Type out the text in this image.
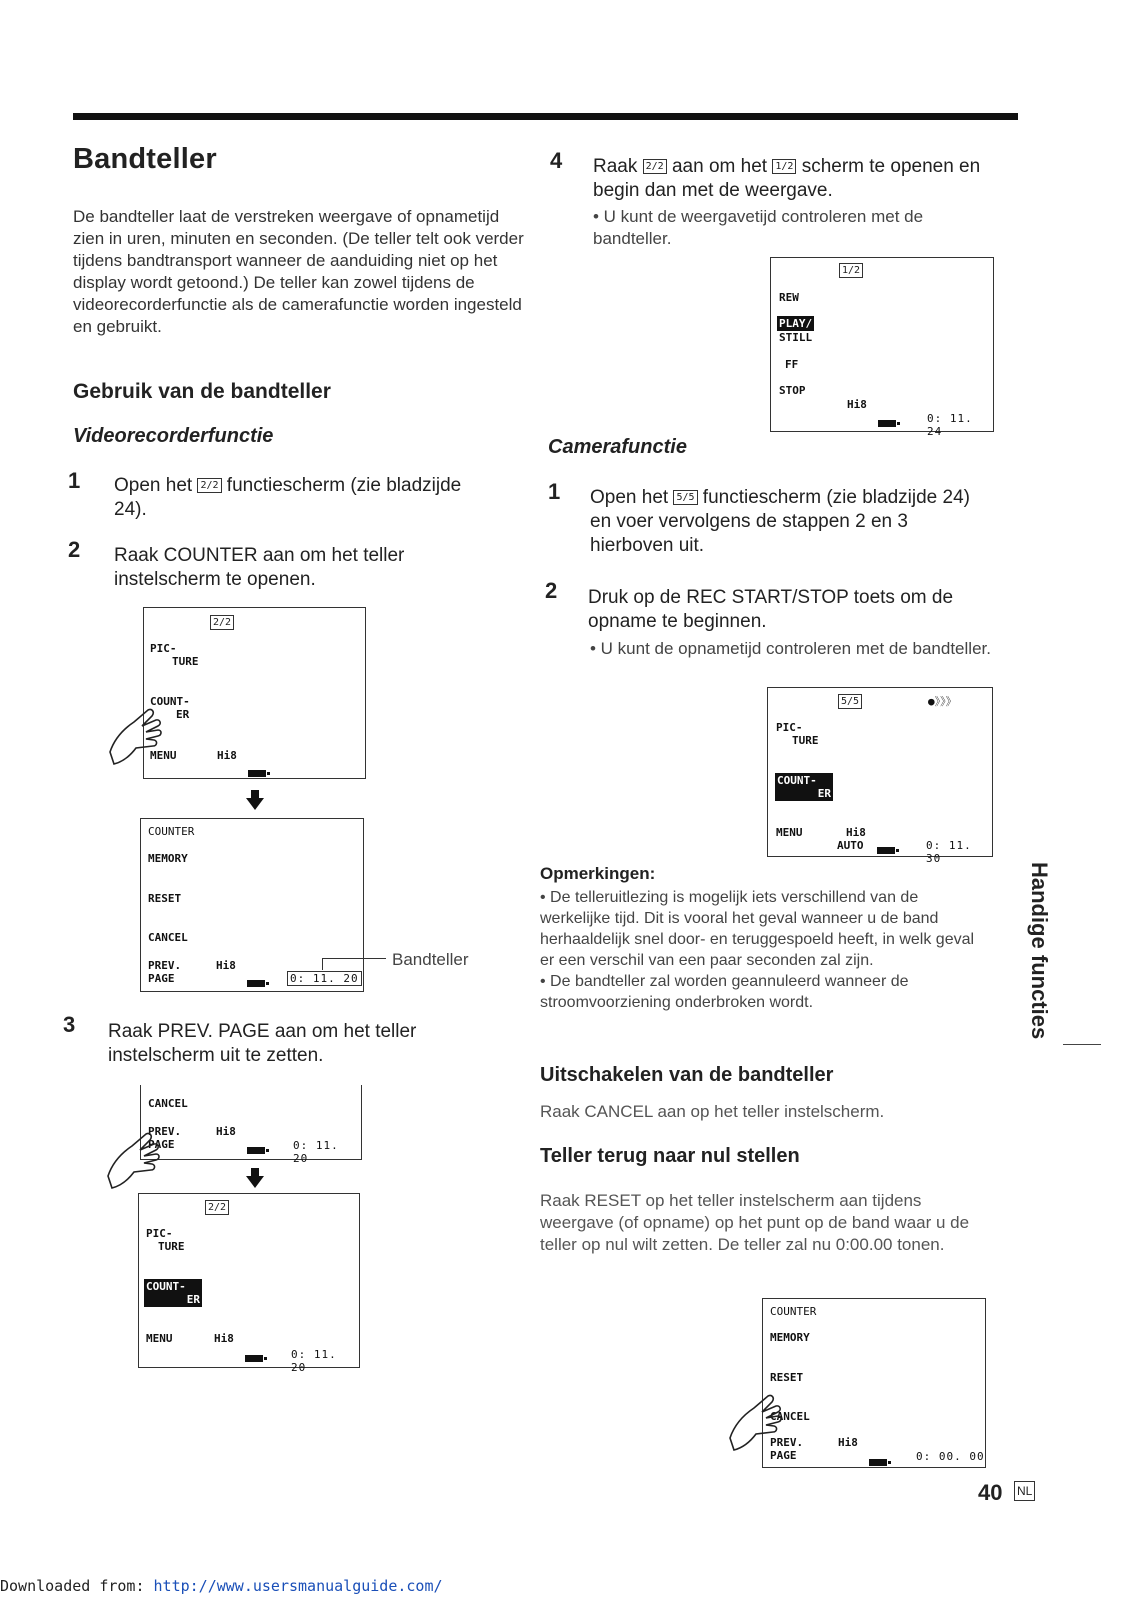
Bandteller
De bandteller laat de verstreken weergave of opnametijd zien in uren, minuten en seconden. (De teller telt ook verder tijdens bandtransport wanneer de aanduiding niet op het display wordt getoond.) De teller kan zowel tijdens de videorecorderfunctie als de camerafunctie worden ingesteld en gebruikt.
Gebruik van de bandteller
Videorecorderfunctie
1 Open het 2/2 functiescherm (zie bladzijde 24).
2 Raak COUNTER aan om het teller instelscherm te openen.
2/2
PIC-
TURE
COUNT-
ER
MENU	Hi8
COUNTER
MEMORY
RESET
CANCEL
PREV.
PAGE
Hi8
0: 11. 20
Bandteller
3 Raak PREV. PAGE aan om het teller instelscherm uit te zetten.
CANCEL
PREV.
PAGE
Hi8
0: 11. 20
2/2
PIC-
TURE
COUNT-
ER
MENU	Hi8
0: 11. 20
4 Raak 2/2 aan om het 1/2 scherm te openen en begin dan met de weergave.
• U kunt de weergavetijd controleren met de bandteller.
1/2
REW
PLAY/
STILL
FF
STOP
Hi8
0: 11. 24
Camerafunctie
1 Open het 5/5 functiescherm (zie bladzijde 24) en voer vervolgens de stappen 2 en 3 hierboven uit.
2 Druk op de REC START/STOP toets om de opname te beginnen.
• U kunt de opnametijd controleren met de bandteller.
5/5	●》》》
PIC-
TURE
COUNT-
ER
MENU	Hi8
AUTO	0: 11. 30
Opmerkingen:
• De telleruitlezing is mogelijk iets verschillend van de werkelijke tijd. Dit is vooral het geval wanneer u de band herhaaldelijk snel door- en teruggespoeld heeft, in welk geval er een verschil van een paar seconden zal zijn.
• De bandteller zal worden geannuleerd wanneer de stroomvoorziening onderbroken wordt.
Uitschakelen van de bandteller
Raak CANCEL aan op het teller instelscherm.
Teller terug naar nul stellen
Raak RESET op het teller instelscherm aan tijdens weergave (of opname) op het punt op de band waar u de teller op nul wilt zetten. De teller zal nu 0:00.00 tonen.
COUNTER
MEMORY
RESET
CANCEL
PREV.
PAGE
Hi8
0: 00. 00
Handige functies
40 NL
Downloaded from: http://www.usersmanualguide.com/
